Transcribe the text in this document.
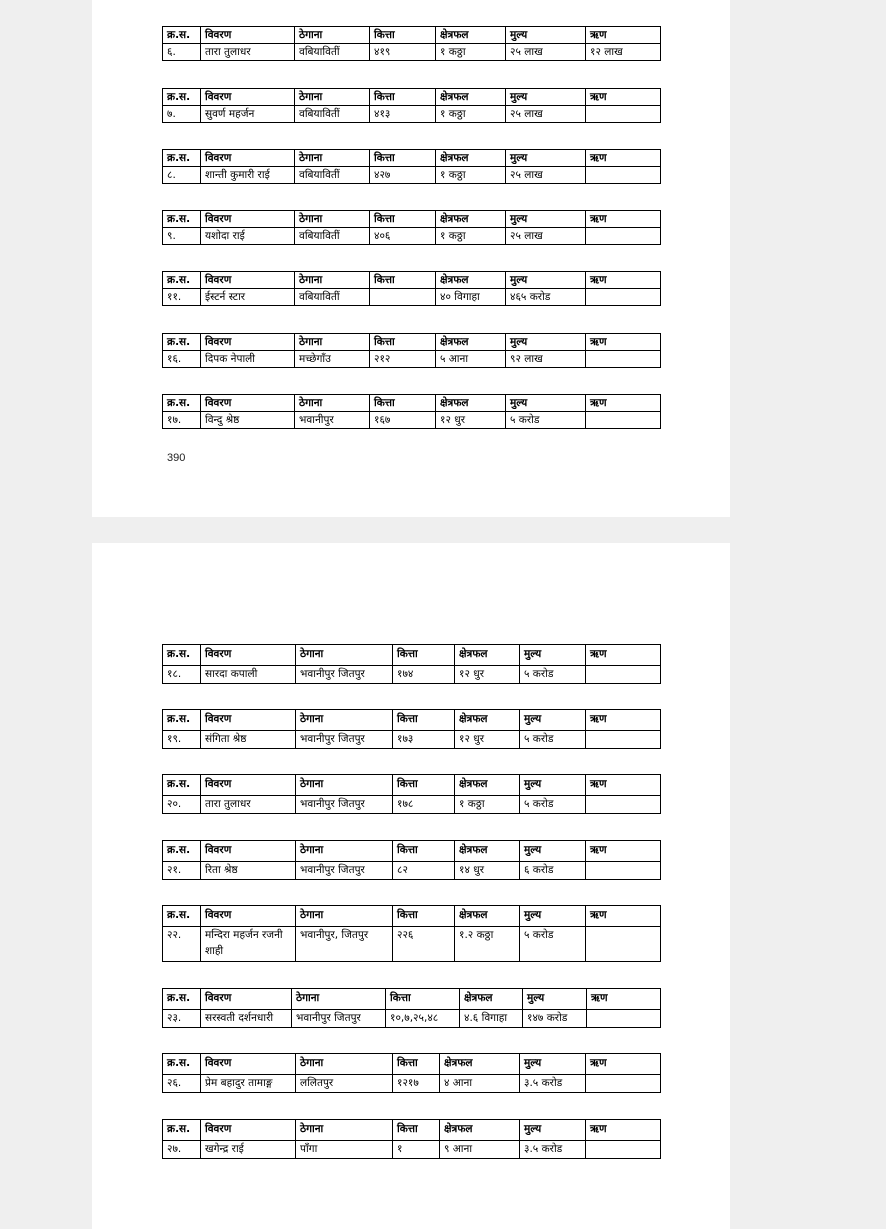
390
क्र.स.	विवरण	ठेगाना	कित्ता	क्षेत्रफल	मुल्य	ऋण
६.	तारा तुलाधर	वबियावितीं	४१९	१ कठ्ठा	२५ लाख	१२ लाख
क्र.स.	विवरण	ठेगाना	कित्ता	क्षेत्रफल	मुल्य	ऋण
७.	सुवर्ण महर्जन	वबियावितीं	४१३	१ कठ्ठा	२५ लाख	
क्र.स.	विवरण	ठेगाना	कित्ता	क्षेत्रफल	मुल्य	ऋण
८.	शान्ती कुमारी राई	वबियावितीं	४२७	१ कठ्ठा	२५ लाख	
क्र.स.	विवरण	ठेगाना	कित्ता	क्षेत्रफल	मुल्य	ऋण
९.	यशोदा राई	वबियावितीं	४०६	१ कठ्ठा	२५ लाख	
क्र.स.	विवरण	ठेगाना	कित्ता	क्षेत्रफल	मुल्य	ऋण
११.	ईस्टर्न स्टार	वबियावितीं		४० विगाहा	४६५ करोड	
क्र.स.	विवरण	ठेगाना	कित्ता	क्षेत्रफल	मुल्य	ऋण
१६.	दिपक नेपाली	मच्छेगाँउ	२१२	५ आना	९२ लाख	
क्र.स.	विवरण	ठेगाना	कित्ता	क्षेत्रफल	मुल्य	ऋण
१७.	विन्दु श्रेष्ठ	भवानीपुर	१६७	१२ धुर	५ करोड	
क्र.स.	विवरण	ठेगाना	कित्ता	क्षेत्रफल	मुल्य	ऋण
१८.	सारदा कपाली	भवानीपुर जितपुर	१७४	१२ धुर	५ करोड	
क्र.स.	विवरण	ठेगाना	कित्ता	क्षेत्रफल	मुल्य	ऋण
१९.	संगिता श्रेष्ठ	भवानीपुर जितपुर	१७३	१२ धुर	५ करोड	
क्र.स.	विवरण	ठेगाना	कित्ता	क्षेत्रफल	मुल्य	ऋण
२०.	तारा तुलाधर	भवानीपुर जितपुर	१७८	१ कठ्ठा	५ करोड	
क्र.स.	विवरण	ठेगाना	कित्ता	क्षेत्रफल	मुल्य	ऋण
२१.	रिता श्रेष्ठ	भवानीपुर जितपुर	८२	१४ धुर	६ करोड	
क्र.स.	विवरण	ठेगाना	कित्ता	क्षेत्रफल	मुल्य	ऋण
२२.	मन्दिरा महर्जन रजनी शाही	भवानीपुर, जितपुर	२२६	१.२ कठ्ठा	५ करोड	
क्र.स.	विवरण	ठेगाना	कित्ता	क्षेत्रफल	मुल्य	ऋण
२३.	सरस्वती दर्शनधारी	भवानीपुर जितपुर	१०,७,२५,४८	४.६ विगाहा	१४७ करोड	
क्र.स.	विवरण	ठेगाना	कित्ता	क्षेत्रफल	मुल्य	ऋण
२६.	प्रेम बहादुर तामाङ्ग	ललितपुर	१२१७	४ आना	३.५ करोड	
क्र.स.	विवरण	ठेगाना	कित्ता	क्षेत्रफल	मुल्य	ऋण
२७.	खगेन्द्र राई	पाँगा	१	९ आना	३.५ करोड	
